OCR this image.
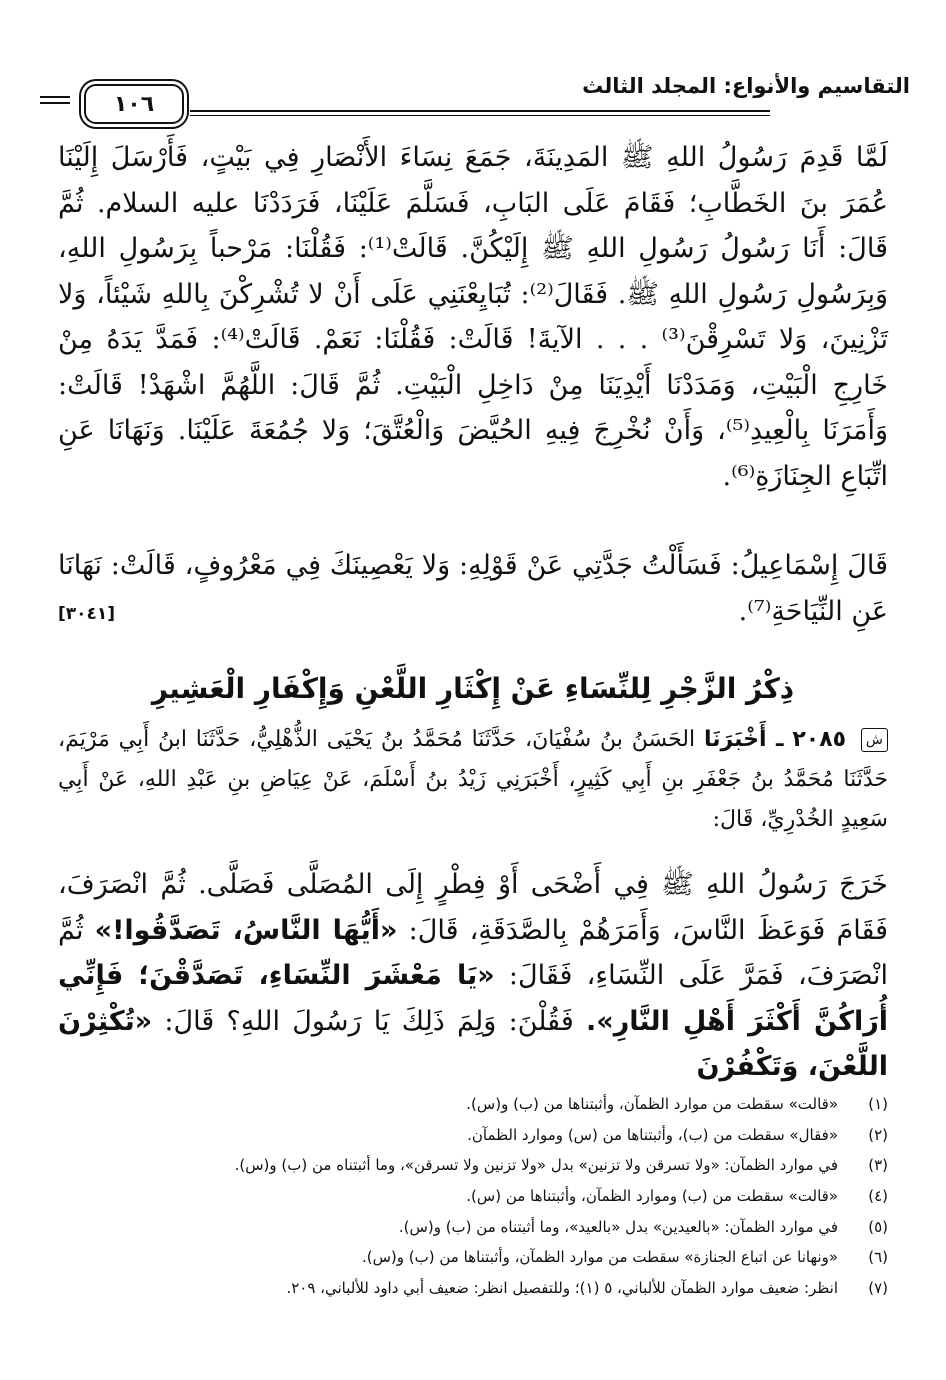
١٠٦
التقاسيم والأنواع: المجلد الثالث

لَمَّا قَدِمَ رَسُولُ اللهِ ﷺ المَدِينَةَ، جَمَعَ نِسَاءَ الأَنْصَارِ فِي بَيْتٍ، فَأَرْسَلَ إِلَيْنَا عُمَرَ بنَ الخَطَّابِ؛ فَقَامَ عَلَى البَابِ، فَسَلَّمَ عَلَيْنَا، فَرَدَدْنَا عليه السلام. ثُمَّ قَالَ: أَنَا رَسُولُ رَسُولِ اللهِ ﷺ إِلَيْكُنَّ. قَالَتْ⁽¹⁾: فَقُلْنَا: مَرْحباً بِرَسُولِ اللهِ، وَبِرَسُولِ رَسُولِ اللهِ ﷺ. فَقَالَ⁽²⁾: تُبَايِعْنَنِي عَلَى أَنْ لا تُشْرِكْنَ بِاللهِ شَيْئاً، وَلا تَزْنِينَ، وَلا تَسْرِقْنَ⁽³⁾ . . . الآيةَ! قَالَتْ: فَقُلْنَا: نَعَمْ. قَالَتْ⁽⁴⁾: فَمَدَّ يَدَهُ مِنْ خَارِجِ الْبَيْتِ، وَمَدَدْنَا أَيْدِيَنَا مِنْ دَاخِلِ الْبَيْتِ. ثُمَّ قَالَ: اللَّهُمَّ اشْهَدْ! قَالَتْ: وَأَمَرَنَا بِالْعِيدِ⁽⁵⁾، وَأَنْ نُخْرِجَ فِيهِ الحُيَّضَ وَالْعُتَّقَ؛ وَلا جُمُعَةَ عَلَيْنَا. وَنَهَانَا عَنِ اتِّبَاعِ الجِنَازَةِ⁽⁶⁾.

قَالَ إِسْمَاعِيلُ: فَسَأَلْتُ جَدَّتِي عَنْ قَوْلِهِ: وَلا يَعْصِينَكَ فِي مَعْرُوفٍ، قَالَتْ: نَهَانَا عَنِ النِّيَاحَةِ⁽⁷⁾.

[٣٠٤١]
ذِكْرُ الزَّجْرِ لِلنِّسَاءِ عَنْ إِكْثَارِ اللَّعْنِ وَإِكْفَارِ الْعَشِيرِ

ش ٢٠٨٥ ـ أَخْبَرَنَا الحَسَنُ بنُ سُفْيَانَ، حَدَّثَنَا مُحَمَّدُ بنُ يَحْيَى الذُّهْلِيُّ، حَدَّثَنَا ابنُ أَبِي مَرْيَمَ، حَدَّثَنَا مُحَمَّدُ بنُ جَعْفَرِ بنِ أَبِي كَثِيرٍ، أَخْبَرَنِي زَيْدُ بنُ أَسْلَمَ، عَنْ عِيَاضِ بنِ عَبْدِ اللهِ، عَنْ أَبِي سَعِيدٍ الخُدْرِيِّ، قَالَ:

خَرَجَ رَسُولُ اللهِ ﷺ فِي أَضْحَى أَوْ فِطْرٍ إِلَى المُصَلَّى فَصَلَّى. ثُمَّ انْصَرَفَ، فَقَامَ فَوَعَظَ النَّاسَ، وَأَمَرَهُمْ بِالصَّدَقَةِ، قَالَ: «أَيُّهَا النَّاسُ، تَصَدَّقُوا!» ثُمَّ انْصَرَفَ، فَمَرَّ عَلَى النِّسَاءِ، فَقَالَ: «يَا مَعْشَرَ النِّسَاءِ، تَصَدَّقْنَ؛ فَإِنِّي أُرَاكُنَّ أَكْثَرَ أَهْلِ النَّارِ». فَقُلْنَ: وَلِمَ ذَلِكَ يَا رَسُولَ اللهِ؟ قَالَ: «تُكْثِرْنَ اللَّعْنَ، وَتَكْفُرْنَ

(١)
«قالت» سقطت من موارد الظمآن، وأثبتناها من (ب) و(س).
(٢)
«فقال» سقطت من (ب)، وأثبتناها من (س) وموارد الظمآن.
(٣)
في موارد الظمآن: «ولا تسرقن ولا تزنين» بدل «ولا تزنين ولا تسرقن»، وما أثبتناه من (ب) و(س).
(٤)
«قالت» سقطت من (ب) وموارد الظمآن، وأثبتناها من (س).
(٥)
في موارد الظمآن: «بالعيدين» بدل «بالعيد»، وما أثبتناه من (ب) و(س).
(٦)
«ونهانا عن اتباع الجنازة» سقطت من موارد الظمآن، وأثبتناها من (ب) و(س).
(٧)
انظر: ضعيف موارد الظمآن للألباني، ٥ (١)؛ وللتفصيل انظر: ضعيف أبي داود للألباني، ٢٠٩.
